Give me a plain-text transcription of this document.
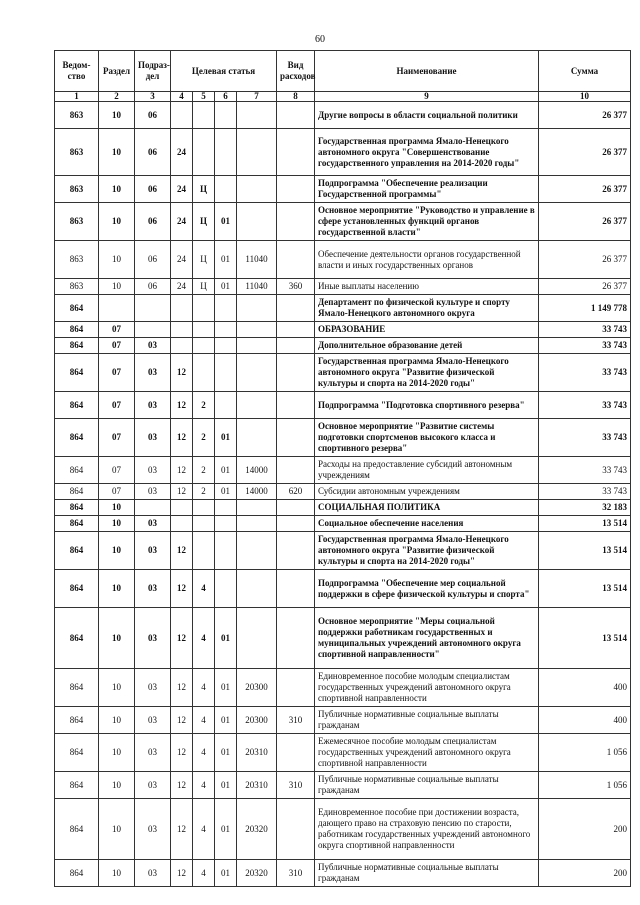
60
Ведом-ство	Раздел	Подраз-дел	Целевая статья				Вид расходов	Наименование	Сумма
1	2	3	4	5	6	7	8	9	10
863	10	06						Другие вопросы в области социальной политики	26 377
863	10	06	24					Государственная программа Ямало-Ненецкого автономного округа "Совершенствование государственного управления на 2014-2020 годы"	26 377
863	10	06	24	Ц				Подпрограмма "Обеспечение реализации Государственной программы"	26 377
863	10	06	24	Ц	01			Основное мероприятие "Руководство и управление в сфере установленных функций органов государственной власти"	26 377
863	10	06	24	Ц	01	11040		Обеспечение деятельности органов государственной власти и иных государственных органов	26 377
863	10	06	24	Ц	01	11040	360	Иные выплаты населению	26 377
864								Департамент по физической культуре и спорту Ямало-Ненецкого автономного округа	1 149 778
864	07							ОБРАЗОВАНИЕ	33 743
864	07	03						Дополнительное образование детей	33 743
864	07	03	12					Государственная программа Ямало-Ненецкого автономного округа "Развитие физической культуры и спорта на 2014-2020 годы"	33 743
864	07	03	12	2				Подпрограмма "Подготовка спортивного резерва"	33 743
864	07	03	12	2	01			Основное мероприятие "Развитие системы подготовки спортсменов высокого класса и спортивного резерва"	33 743
864	07	03	12	2	01	14000		Расходы на предоставление субсидий автономным учреждениям	33 743
864	07	03	12	2	01	14000	620	Субсидии автономным учреждениям	33 743
864	10							СОЦИАЛЬНАЯ ПОЛИТИКА	32 183
864	10	03						Социальное обеспечение населения	13 514
864	10	03	12					Государственная программа Ямало-Ненецкого автономного округа "Развитие физической культуры и спорта на 2014-2020 годы"	13 514
864	10	03	12	4				Подпрограмма "Обеспечение мер социальной поддержки в сфере физической культуры и спорта"	13 514
864	10	03	12	4	01			Основное мероприятие "Меры социальной поддержки работникам государственных и муниципальных учреждений автономного округа спортивной направленности"	13 514
864	10	03	12	4	01	20300		Единовременное пособие молодым специалистам государственных учреждений автономного округа спортивной направленности	400
864	10	03	12	4	01	20300	310	Публичные нормативные социальные выплаты гражданам	400
864	10	03	12	4	01	20310		Ежемесячное пособие молодым специалистам государственных учреждений автономного округа спортивной направленности	1 056
864	10	03	12	4	01	20310	310	Публичные нормативные социальные выплаты гражданам	1 056
864	10	03	12	4	01	20320		Единовременное пособие при достижении возраста, дающего право на страховую пенсию по старости, работникам государственных учреждений автономного округа спортивной направленности	200
864	10	03	12	4	01	20320	310	Публичные нормативные социальные выплаты гражданам	200
